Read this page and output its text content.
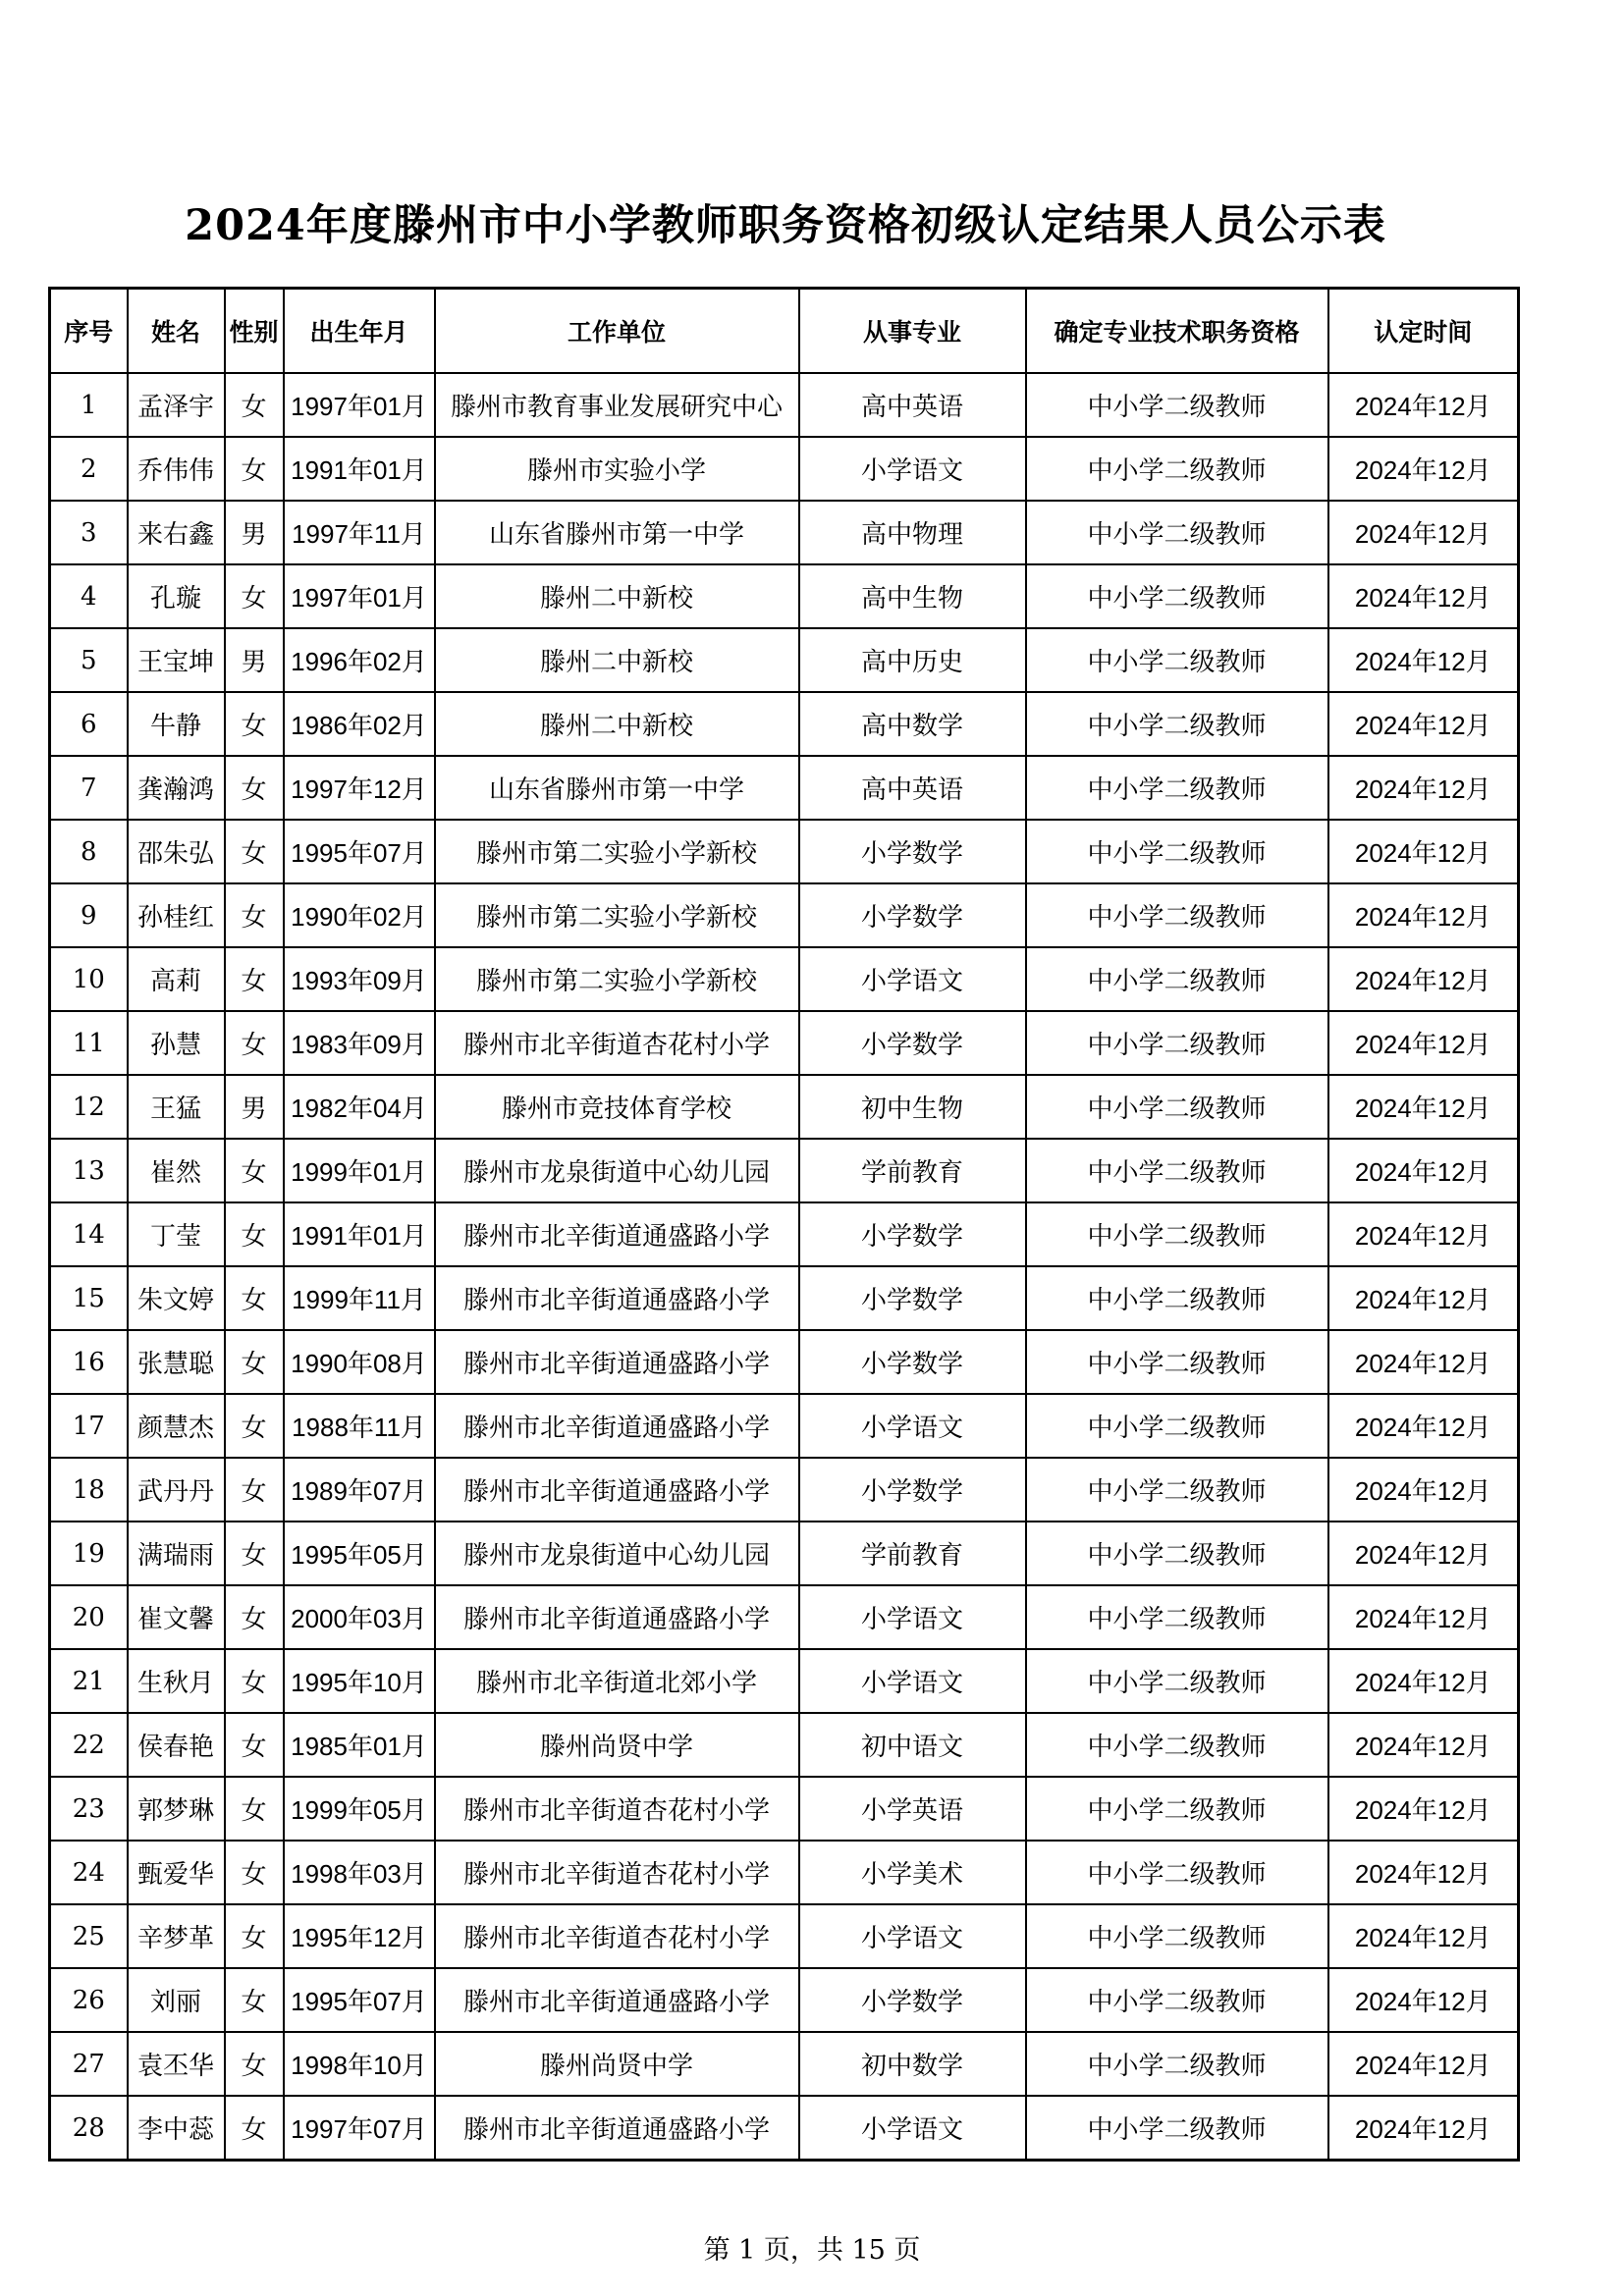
2024年度滕州市中小学教师职务资格初级认定结果人员公示表
序号	姓名	性别	出生年月	工作单位	从事专业	确定专业技术职务资格	认定时间
1	孟泽宇	女	1997年01月	滕州市教育事业发展研究中心	高中英语	中小学二级教师	2024年12月
2	乔伟伟	女	1991年01月	滕州市实验小学	小学语文	中小学二级教师	2024年12月
3	来右鑫	男	1997年11月	山东省滕州市第一中学	高中物理	中小学二级教师	2024年12月
4	孔璇	女	1997年01月	滕州二中新校	高中生物	中小学二级教师	2024年12月
5	王宝坤	男	1996年02月	滕州二中新校	高中历史	中小学二级教师	2024年12月
6	牛静	女	1986年02月	滕州二中新校	高中数学	中小学二级教师	2024年12月
7	龚瀚鸿	女	1997年12月	山东省滕州市第一中学	高中英语	中小学二级教师	2024年12月
8	邵朱弘	女	1995年07月	滕州市第二实验小学新校	小学数学	中小学二级教师	2024年12月
9	孙桂红	女	1990年02月	滕州市第二实验小学新校	小学数学	中小学二级教师	2024年12月
10	高莉	女	1993年09月	滕州市第二实验小学新校	小学语文	中小学二级教师	2024年12月
11	孙慧	女	1983年09月	滕州市北辛街道杏花村小学	小学数学	中小学二级教师	2024年12月
12	王猛	男	1982年04月	滕州市竞技体育学校	初中生物	中小学二级教师	2024年12月
13	崔然	女	1999年01月	滕州市龙泉街道中心幼儿园	学前教育	中小学二级教师	2024年12月
14	丁莹	女	1991年01月	滕州市北辛街道通盛路小学	小学数学	中小学二级教师	2024年12月
15	朱文婷	女	1999年11月	滕州市北辛街道通盛路小学	小学数学	中小学二级教师	2024年12月
16	张慧聪	女	1990年08月	滕州市北辛街道通盛路小学	小学数学	中小学二级教师	2024年12月
17	颜慧杰	女	1988年11月	滕州市北辛街道通盛路小学	小学语文	中小学二级教师	2024年12月
18	武丹丹	女	1989年07月	滕州市北辛街道通盛路小学	小学数学	中小学二级教师	2024年12月
19	满瑞雨	女	1995年05月	滕州市龙泉街道中心幼儿园	学前教育	中小学二级教师	2024年12月
20	崔文馨	女	2000年03月	滕州市北辛街道通盛路小学	小学语文	中小学二级教师	2024年12月
21	生秋月	女	1995年10月	滕州市北辛街道北郊小学	小学语文	中小学二级教师	2024年12月
22	侯春艳	女	1985年01月	滕州尚贤中学	初中语文	中小学二级教师	2024年12月
23	郭梦琳	女	1999年05月	滕州市北辛街道杏花村小学	小学英语	中小学二级教师	2024年12月
24	甄爱华	女	1998年03月	滕州市北辛街道杏花村小学	小学美术	中小学二级教师	2024年12月
25	辛梦革	女	1995年12月	滕州市北辛街道杏花村小学	小学语文	中小学二级教师	2024年12月
26	刘丽	女	1995年07月	滕州市北辛街道通盛路小学	小学数学	中小学二级教师	2024年12月
27	袁丕华	女	1998年10月	滕州尚贤中学	初中数学	中小学二级教师	2024年12月
28	李中蕊	女	1997年07月	滕州市北辛街道通盛路小学	小学语文	中小学二级教师	2024年12月
第 1 页，共 15 页
